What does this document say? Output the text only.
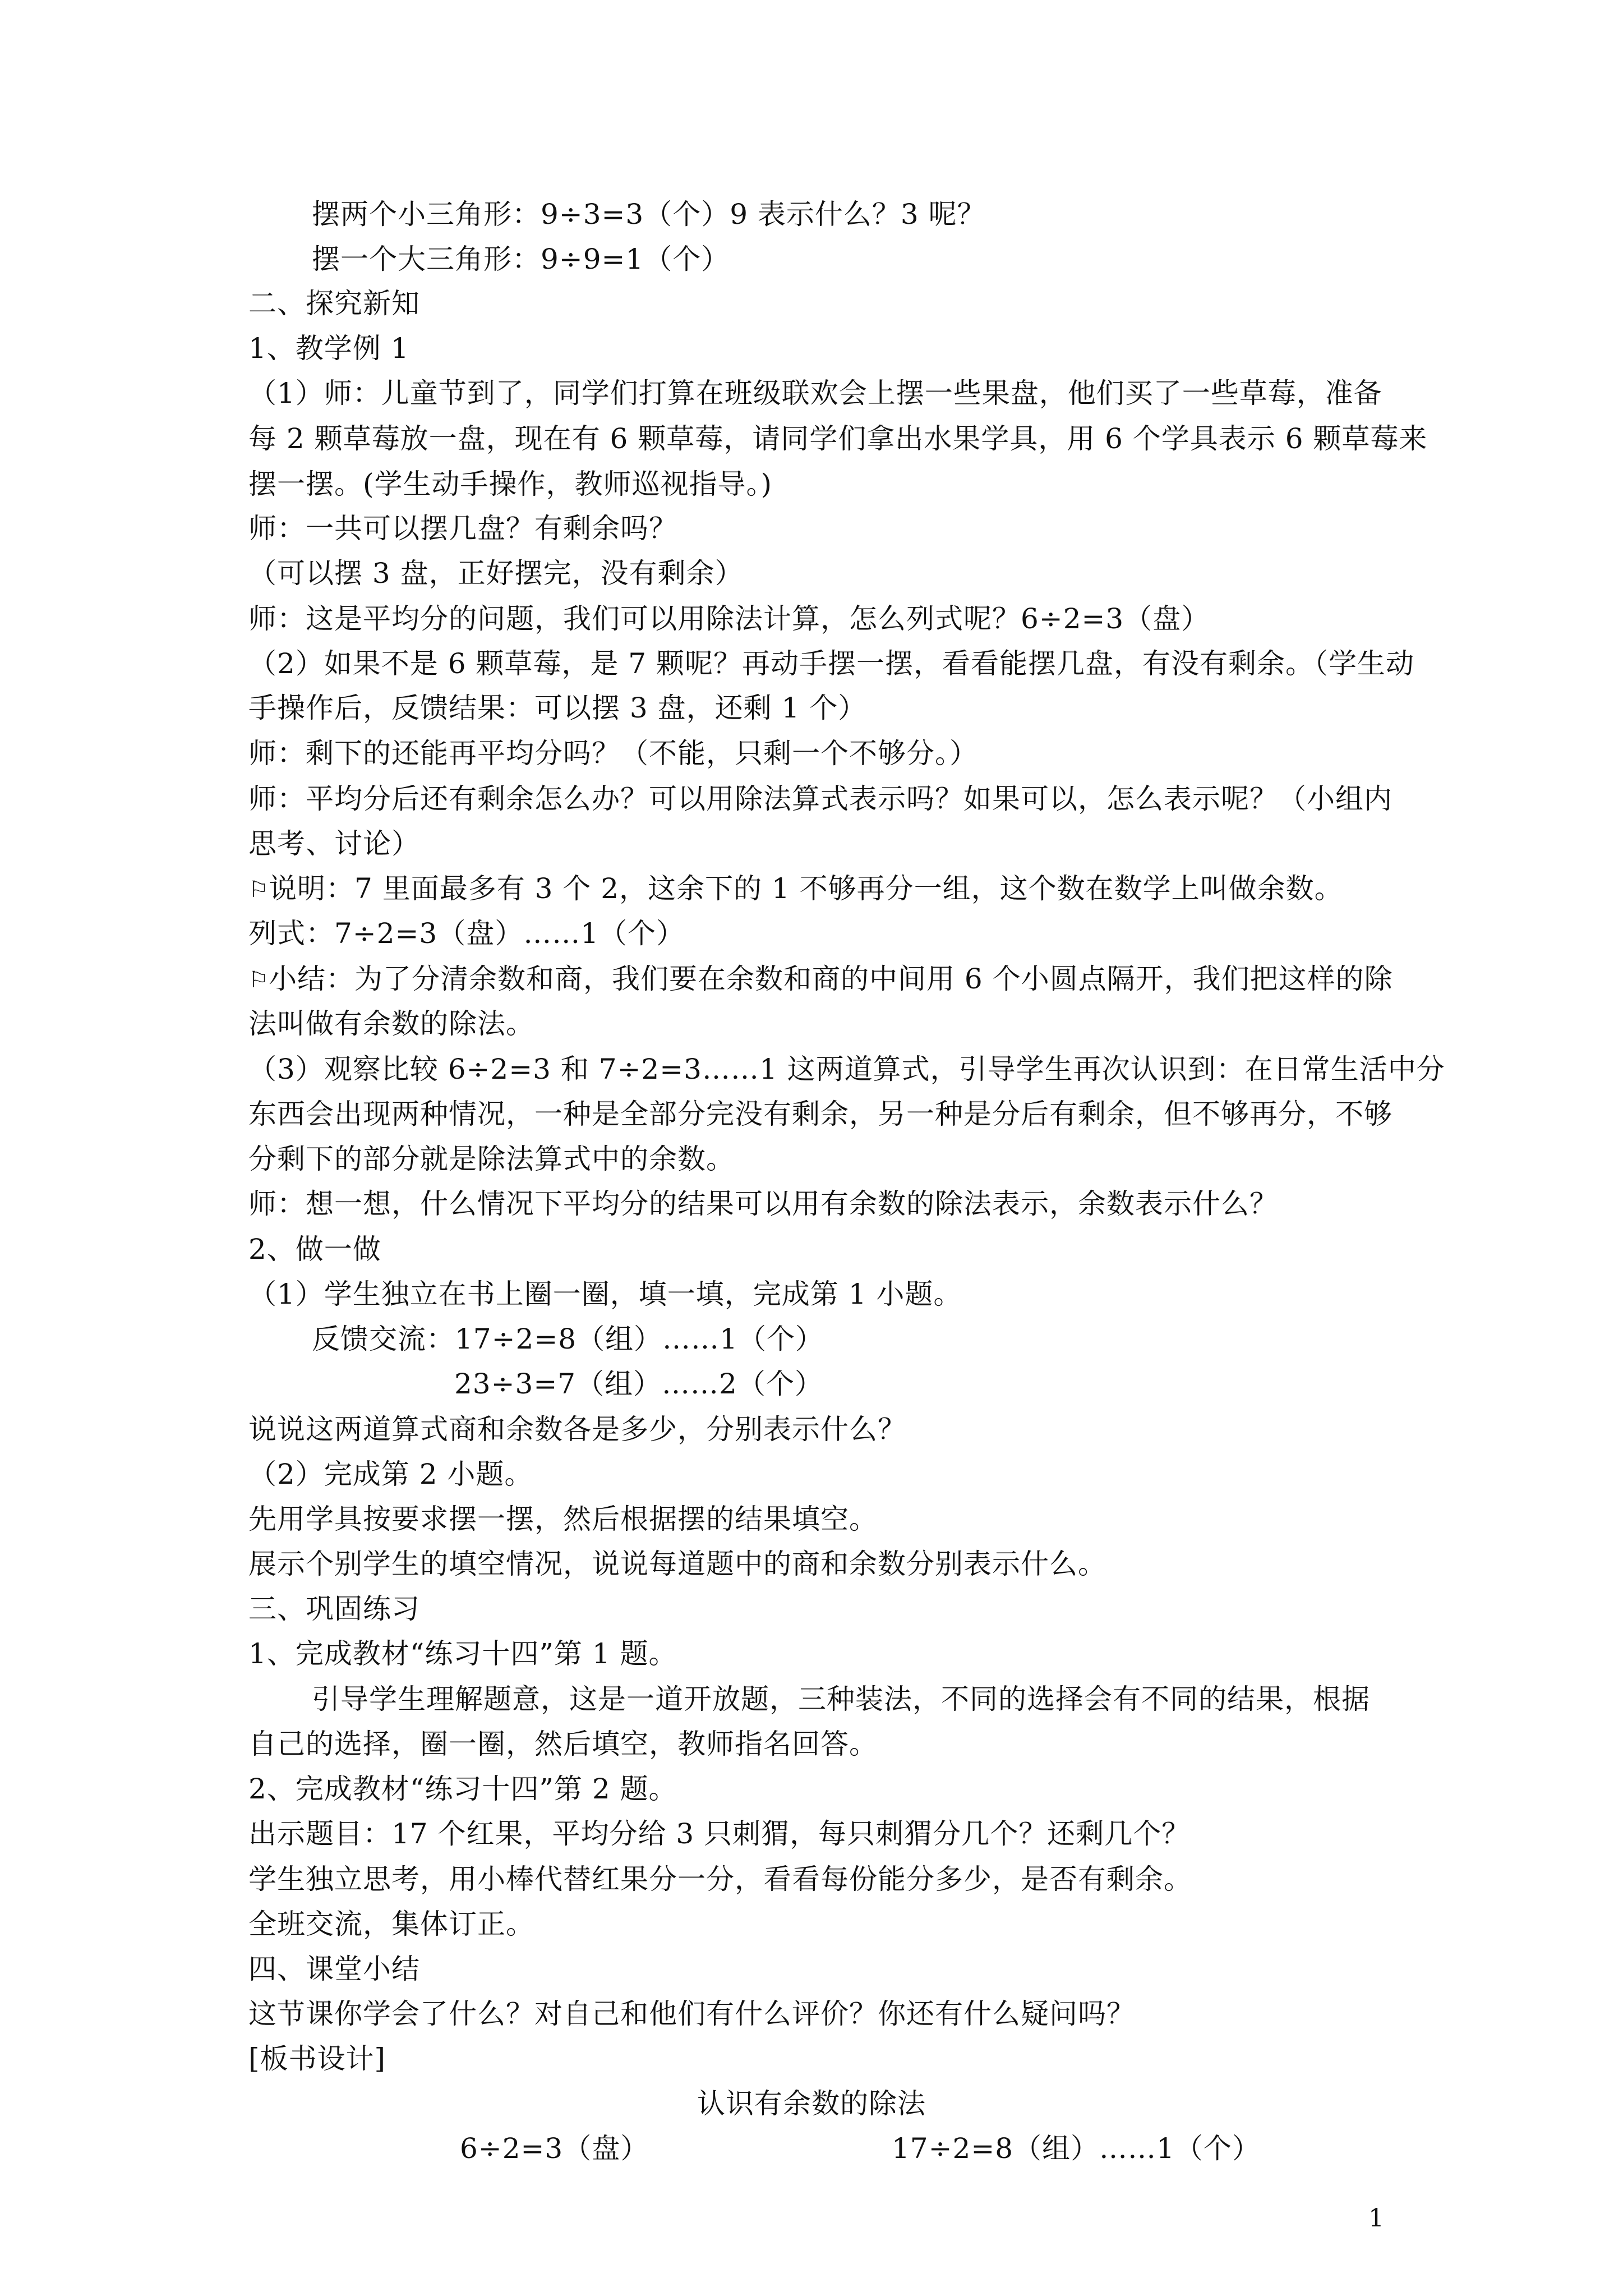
摆两个小三角形：9÷3=3（个）9 表示什么？3 呢？
摆一个大三角形：9÷9=1（个）
二、探究新知
1、教学例 1
（1）师：儿童节到了，同学们打算在班级联欢会上摆一些果盘，他们买了一些草莓，准备
每 2 颗草莓放一盘，现在有 6 颗草莓，请同学们拿出水果学具，用 6 个学具表示 6 颗草莓来
摆一摆。(学生动手操作，教师巡视指导。)
师：一共可以摆几盘？有剩余吗？
（可以摆 3 盘，正好摆完，没有剩余）
师：这是平均分的问题，我们可以用除法计算，怎么列式呢？6÷2=3（盘）
（2）如果不是 6 颗草莓，是 7 颗呢？再动手摆一摆，看看能摆几盘，有没有剩余。（学生动
手操作后，反馈结果：可以摆 3 盘，还剩 1 个）
师：剩下的还能再平均分吗？（不能，只剩一个不够分。）
师：平均分后还有剩余怎么办？可以用除法算式表示吗？如果可以，怎么表示呢？（小组内
思考、讨论）
⚐说明：7 里面最多有 3 个 2，这余下的 1 不够再分一组，这个数在数学上叫做余数。
列式：7÷2=3（盘）……1（个）
⚐小结：为了分清余数和商，我们要在余数和商的中间用 6 个小圆点隔开，我们把这样的除
法叫做有余数的除法。
（3）观察比较 6÷2=3 和 7÷2=3……1 这两道算式，引导学生再次认识到：在日常生活中分
东西会出现两种情况，一种是全部分完没有剩余，另一种是分后有剩余，但不够再分，不够
分剩下的部分就是除法算式中的余数。
师：想一想，什么情况下平均分的结果可以用有余数的除法表示，余数表示什么？
2、做一做
（1）学生独立在书上圈一圈，填一填，完成第 1 小题。
反馈交流：17÷2=8（组）……1（个）
23÷3=7（组）……2（个）
说说这两道算式商和余数各是多少，分别表示什么？
（2）完成第 2 小题。
先用学具按要求摆一摆，然后根据摆的结果填空。
展示个别学生的填空情况，说说每道题中的商和余数分别表示什么。
三、巩固练习
1、完成教材“练习十四”第 1 题。
引导学生理解题意，这是一道开放题，三种装法，不同的选择会有不同的结果，根据
自己的选择，圈一圈，然后填空，教师指名回答。
2、完成教材“练习十四”第 2 题。
出示题目：17 个红果，平均分给 3 只刺猬，每只刺猬分几个？还剩几个？
学生独立思考，用小棒代替红果分一分，看看每份能分多少，是否有剩余。
全班交流，集体订正。
四、课堂小结
这节课你学会了什么？对自己和他们有什么评价？你还有什么疑问吗？
[板书设计]
认识有余数的除法
6÷2=3（盘）	17÷2=8（组）……1（个）
1
